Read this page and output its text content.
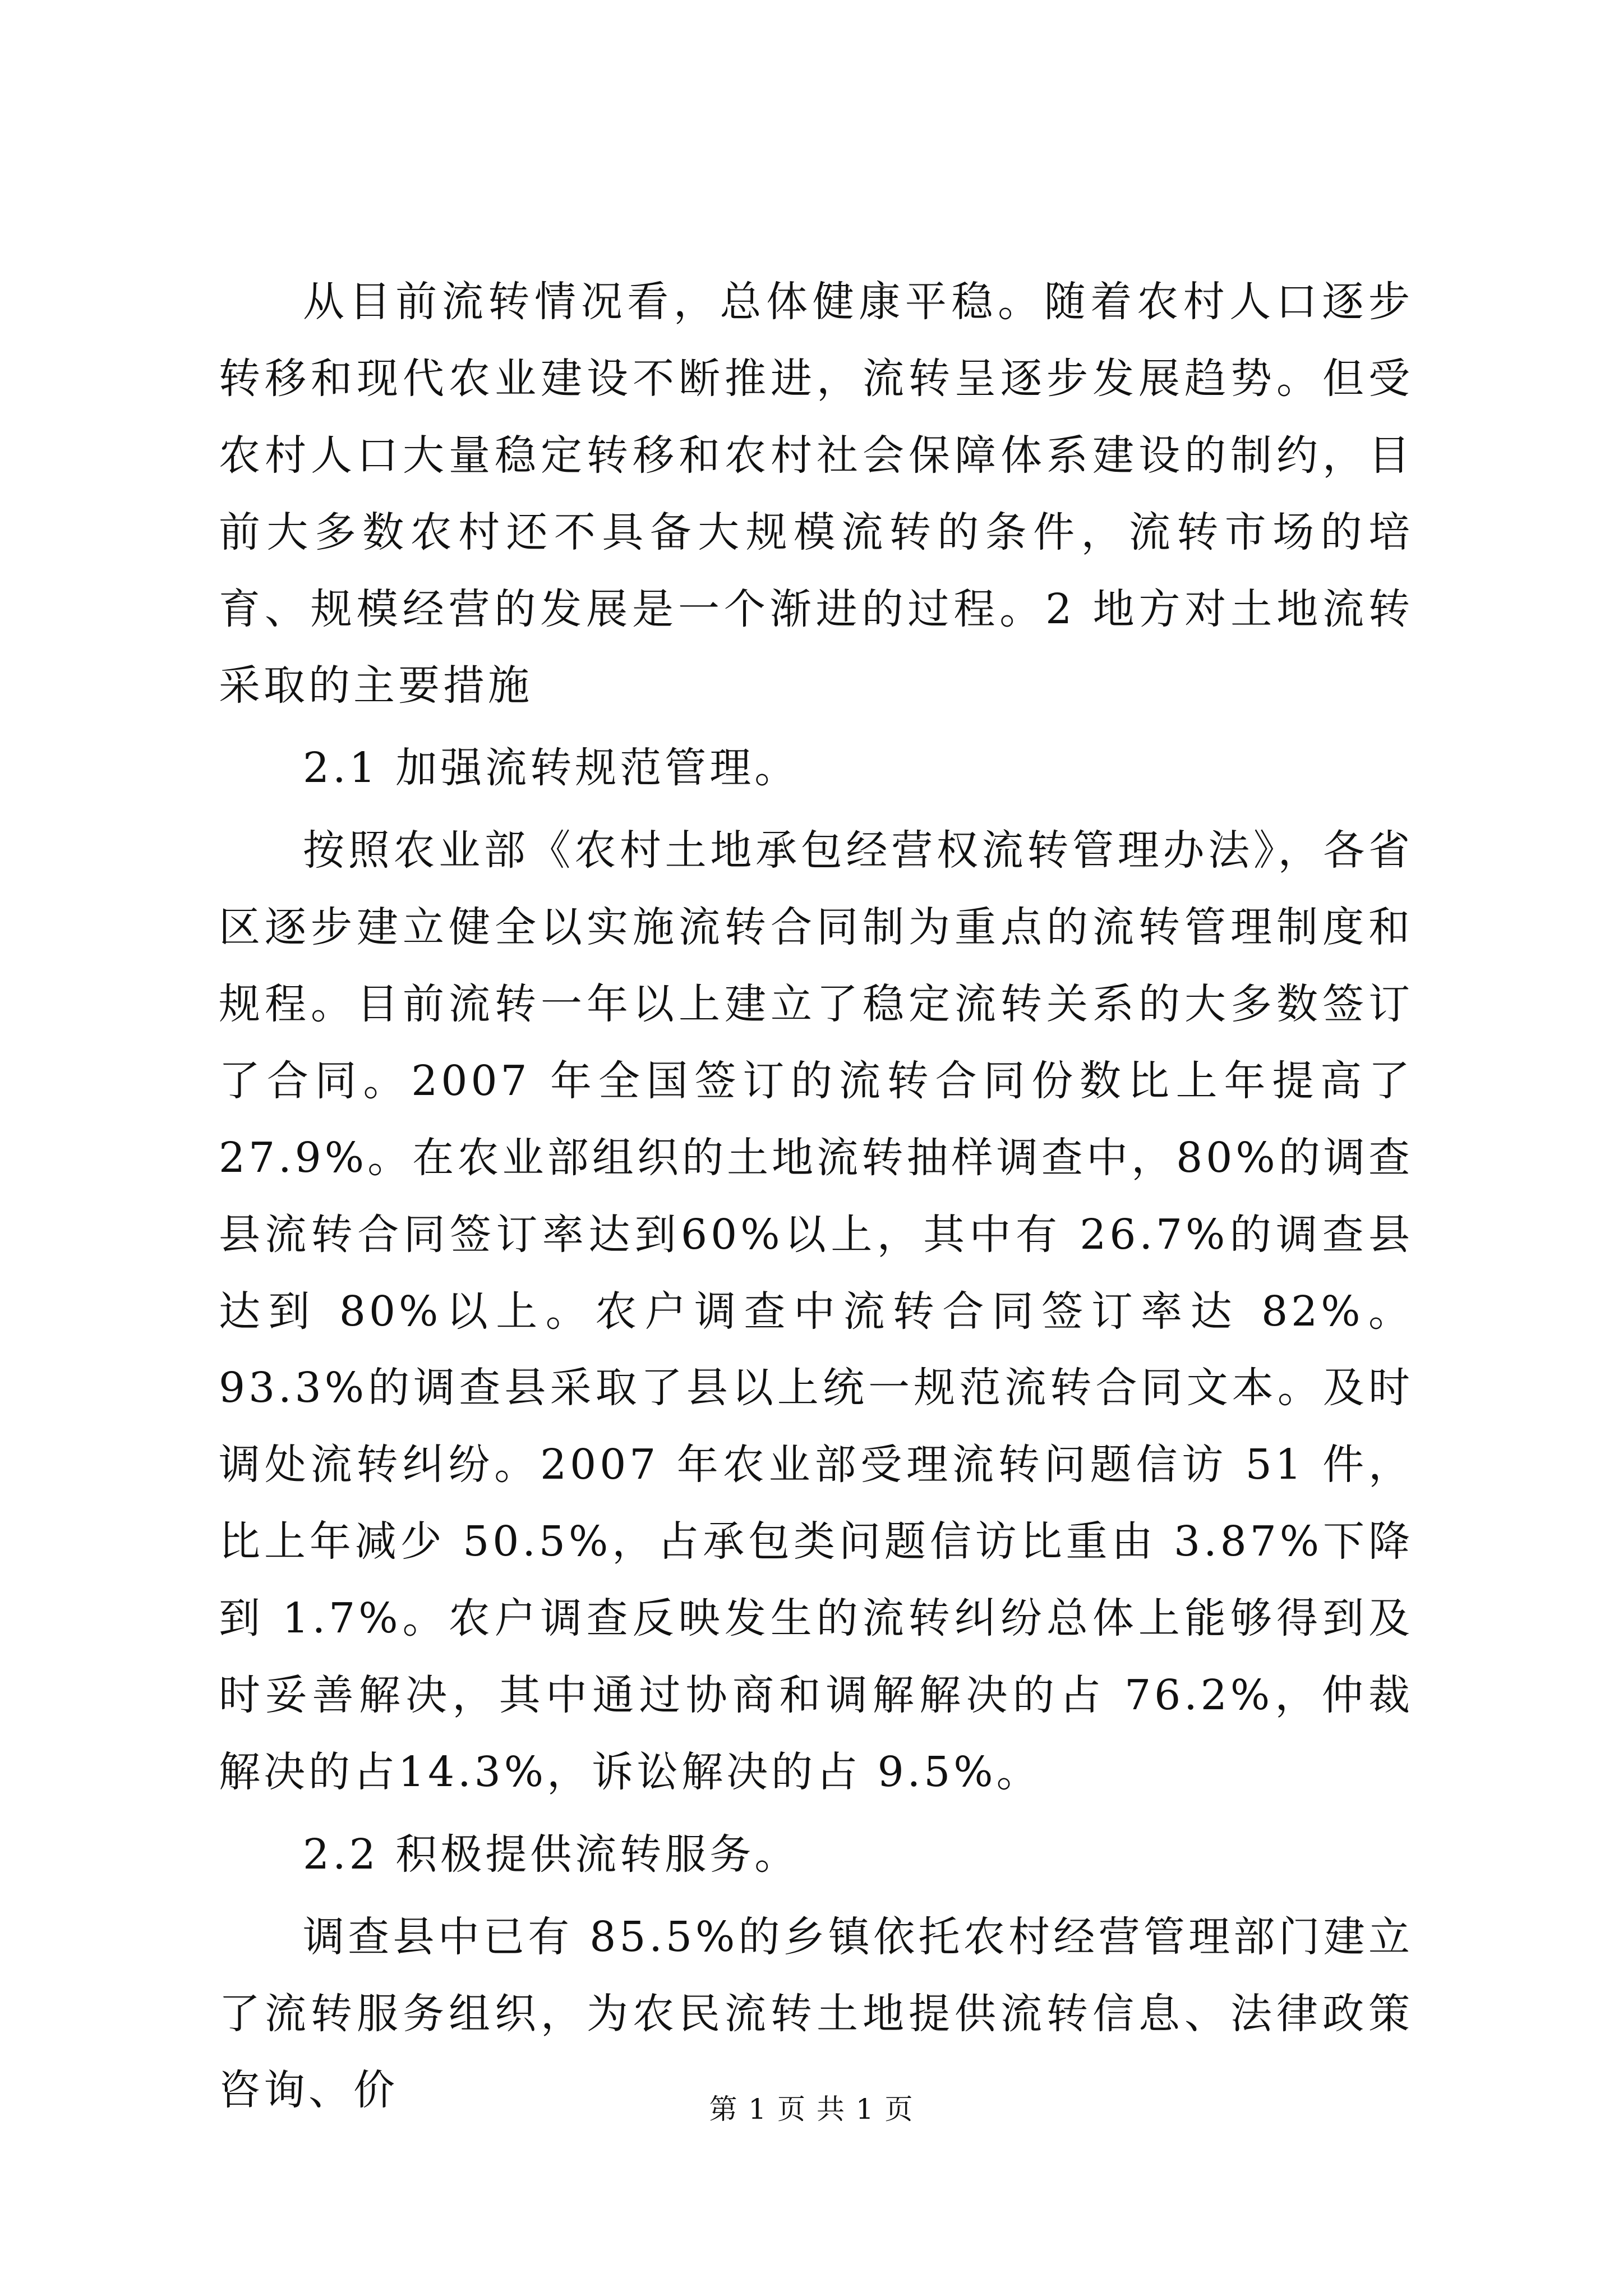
从目前流转情况看，总体健康平稳。随着农村人口逐步转移和现代农业建设不断推进，流转呈逐步发展趋势。但受农村人口大量稳定转移和农村社会保障体系建设的制约，目前大多数农村还不具备大规模流转的条件，流转市场的培育、规模经营的发展是一个渐进的过程。2 地方对土地流转采取的主要措施

2.1 加强流转规范管理。

按照农业部《农村土地承包经营权流转管理办法》，各省区逐步建立健全以实施流转合同制为重点的流转管理制度和规程。目前流转一年以上建立了稳定流转关系的大多数签订了合同。2007 年全国签订的流转合同份数比上年提高了 27.9%。在农业部组织的土地流转抽样调查中，80%的调查县流转合同签订率达到60%以上，其中有 26.7%的调查县达到 80%以上。农户调查中流转合同签订率达 82%。93.3%的调查县采取了县以上统一规范流转合同文本。及时调处流转纠纷。2007 年农业部受理流转问题信访 51 件，比上年减少 50.5%，占承包类问题信访比重由 3.87%下降到 1.7%。农户调查反映发生的流转纠纷总体上能够得到及时妥善解决，其中通过协商和调解解决的占 76.2%，仲裁解决的占14.3%，诉讼解决的占 9.5%。

2.2 积极提供流转服务。

调查县中已有 85.5%的乡镇依托农村经营管理部门建立了流转服务组织，为农民流转土地提供流转信息、法律政策咨询、价	第 1 页 共 1 页
